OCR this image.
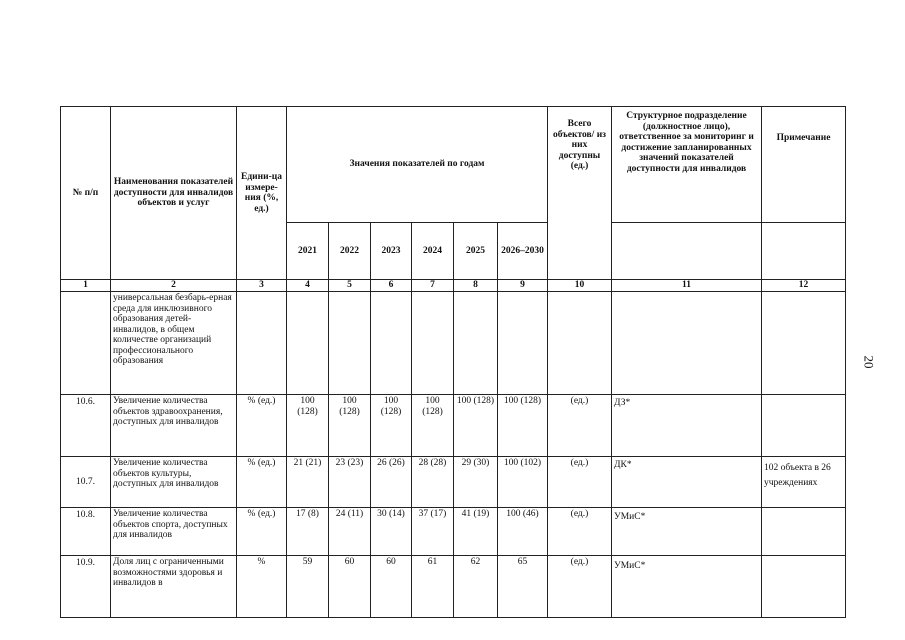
№ п/п	Наименования показателей доступности для инвалидов объектов и услуг	Едини-ца измере-ния (%, ед.)	Значения показателей по годам						Всего объектов/ из них доступны (ед.)	Структурное подразделение (должностное лицо), ответственное за мониторинг и достижение запланированных значений показателей доступности для инвалидов	Примечание
			2021	2022	2023	2024	2025	2026–2030			
1	2	3	4	5	6	7	8	9	10	11	12
	универсальная безбарь-ерная среда для инклюзивного образования детей-инвалидов, в общем количестве организаций профессионального образования										
10.6.	Увеличение количества объектов здравоохранения, доступных для инвалидов	% (ед.)	100 (128)	100 (128)	100 (128)	100 (128)	100 (128)	100 (128)	(ед.)	ДЗ*	
10.7.	Увеличение количества объектов культуры, доступных для инвалидов	% (ед.)	21 (21)	23 (23)	26 (26)	28 (28)	29 (30)	100 (102)	(ед.)	ДК*	102 объекта в 26 учреждениях
10.8.	Увеличение количества объектов спорта, доступных для инвалидов	% (ед.)	17 (8)	24 (11)	30 (14)	37 (17)	41 (19)	100 (46)	(ед.)	УМиС*	
10.9.	Доля лиц с ограниченными возможностями здоровья и инвалидов в	%	59	60	60	61	62	65	(ед.)	УМиС*	
20
